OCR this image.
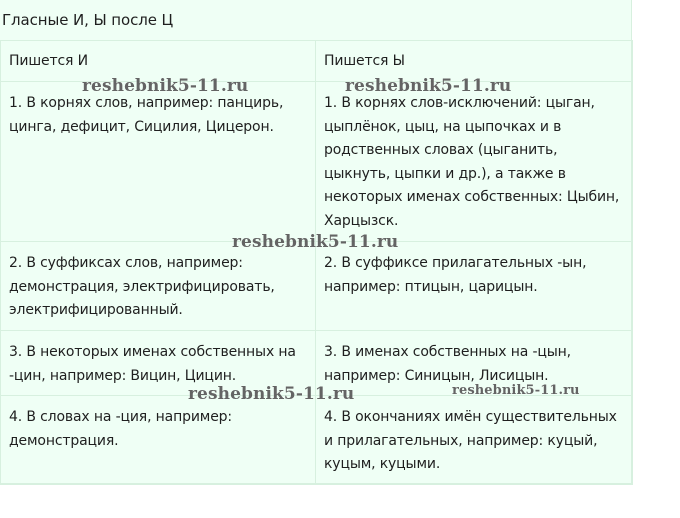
Гласные И, Ы после Ц
Пишется И	Пишется Ы
1. В корнях слов, например: панцирь, цинга, дефицит, Сицилия, Цицерон.	1. В корнях слов-исключений: цыган, цыплёнок, цыц, на цыпочках и в родственных словах (цыганить, цыкнуть, цыпки и др.), а также в некоторых именах собственных: Цыбин, Харцызск.
2. В суффиксах слов, например: демонстрация, электрифицировать, электрифицированный.	2. В суффиксе прилагательных -ын, например: птицын, царицын.
3. В некоторых именах собственных на -цин, например: Вицин, Цицин.	3. В именах собственных на -цын, например: Синицын, Лисицын.
4. В словах на -ция, например: демонстрация.	4. В окончаниях имён существительных и прилагательных, например: куцый, куцым, куцыми.
reshebnik5-11.ru	reshebnik5-11.ru
reshebnik5-11.ru
reshebnik5-11.ru	reshebnik5-11.ru
